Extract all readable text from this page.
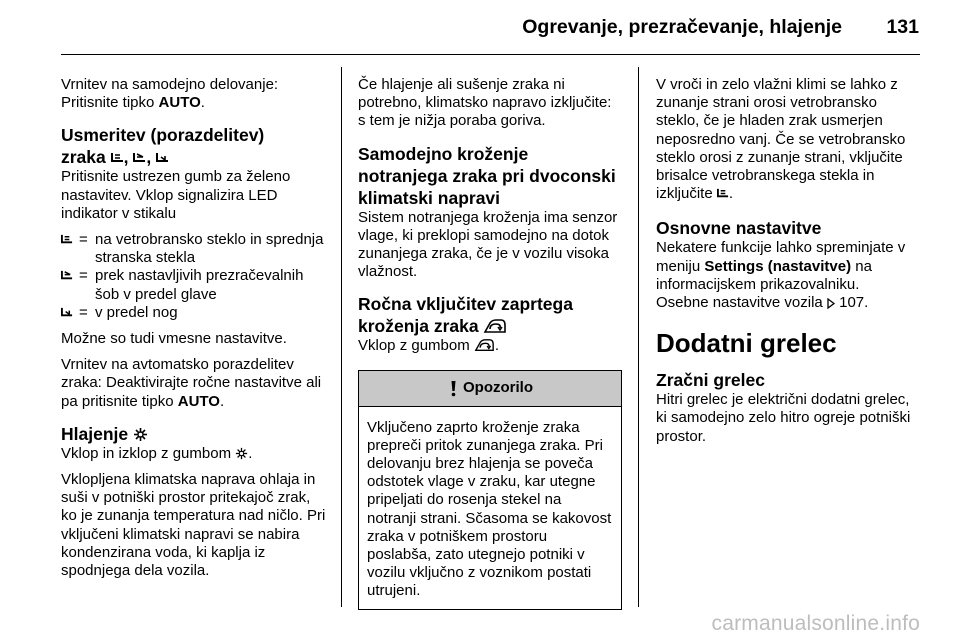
Ogrevanje, prezračevanje, hlajenje 131

Vrnitev na samodejno delovanje: Pritisnite tipko AUTO.

Usmeritev (porazdelitev)
zraka
,
,

Pritisnite ustrezen gumb za želeno nastavitev. Vklop signalizira LED indikator v stikalu

= na vetrobransko steklo in sprednja stranska stekla
= prek nastavljivih prezračevalnih šob v predel glave
= v predel nog

Možne so tudi vmesne nastavitve.

Vrnitev na avtomatsko porazdelitev zraka: Deaktivirajte ročne nastavitve ali pa pritisnite tipko AUTO.

Hlajenje

Vklop in izklop z gumbom
.

Vklopljena klimatska naprava ohlaja in suši v potniški prostor pritekajoč zrak, ko je zunanja temperatura nad ničlo. Pri vključeni klimatski napravi se nabira kondenzirana voda, ki kaplja iz spodnjega dela vozila.

Če hlajenje ali sušenje zraka ni potrebno, klimatsko napravo izključite: s tem je nižja poraba goriva.

Samodejno kroženje notranjega zraka pri dvoconski klimatski napravi

Sistem notranjega kroženja ima senzor vlage, ki preklopi samodejno na dotok zunanjega zraka, če je v vozilu visoka vlažnost.

Ročna vključitev zaprtega
kroženja zraka

Vklop z gumbom
.

Opozorilo
Vključeno zaprto kroženje zraka prepreči pritok zunanjega zraka. Pri delovanju brez hlajenja se poveča odstotek vlage v zraku, kar utegne pripeljati do rosenja stekel na notranji strani. Sčasoma se kakovost zraka v potniškem prostoru poslabša, zato utegnejo potniki v vozilu vključno z voznikom postati utrujeni.

V vroči in zelo vlažni klimi se lahko z zunanje strani orosi vetrobransko steklo, če je hladen zrak usmerjen neposredno vanj. Če se vetrobransko steklo orosi z zunanje strani, vključite brisalce vetrobranskega stekla in izključite
.

Osnovne nastavitve

Nekatere funkcije lahko spreminjate v meniju Settings (nastavitve) na informacijskem prikazovalniku.

Osebne nastavitve vozila
107.

Dodatni grelec
Zračni grelec

Hitri grelec je električni dodatni grelec, ki samodejno zelo hitro ogreje potniški prostor.

carmanualsonline.info
